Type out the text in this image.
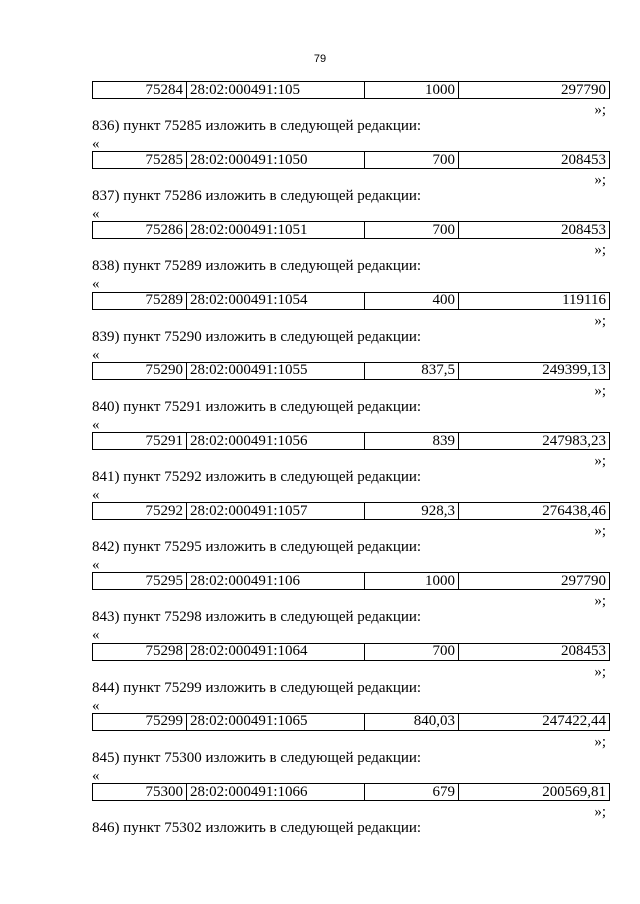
79
75284	28:02:000491:105	1000	297790
»;
836) пункт 75285 изложить в следующей редакции:
«
75285	28:02:000491:1050	700	208453
»;
837) пункт 75286 изложить в следующей редакции:
«
75286	28:02:000491:1051	700	208453
»;
838) пункт 75289 изложить в следующей редакции:
«
75289	28:02:000491:1054	400	119116
»;
839) пункт 75290 изложить в следующей редакции:
«
75290	28:02:000491:1055	837,5	249399,13
»;
840) пункт 75291 изложить в следующей редакции:
«
75291	28:02:000491:1056	839	247983,23
»;
841) пункт 75292 изложить в следующей редакции:
«
75292	28:02:000491:1057	928,3	276438,46
»;
842) пункт 75295 изложить в следующей редакции:
«
75295	28:02:000491:106	1000	297790
»;
843) пункт 75298 изложить в следующей редакции:
«
75298	28:02:000491:1064	700	208453
»;
844) пункт 75299 изложить в следующей редакции:
«
75299	28:02:000491:1065	840,03	247422,44
»;
845) пункт 75300 изложить в следующей редакции:
«
75300	28:02:000491:1066	679	200569,81
»;
846) пункт 75302 изложить в следующей редакции:
